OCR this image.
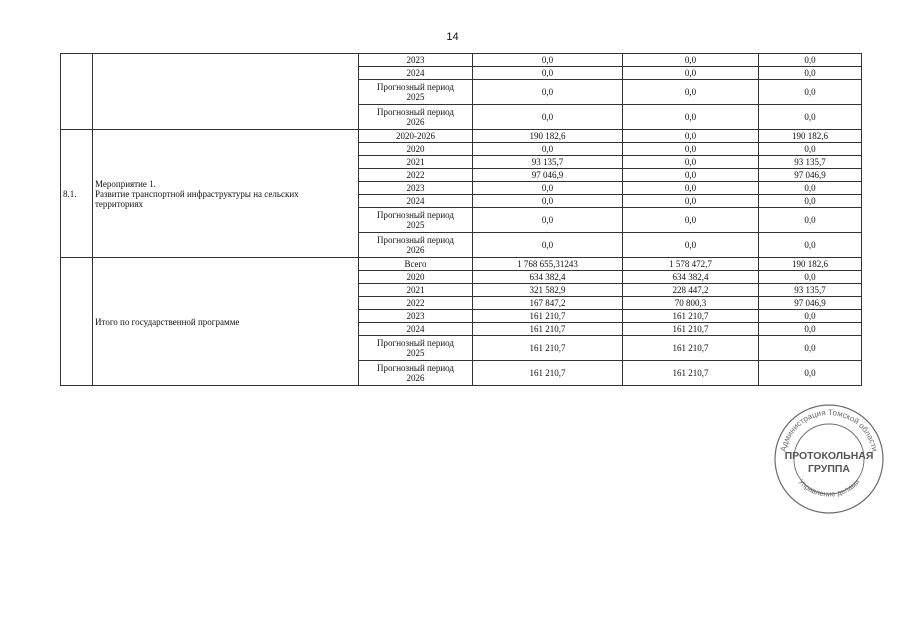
14

		2023	0,0	0,0	0,0

		2024	0,0	0,0	0,0

		Прогнозный период
2025	0,0	0,0	0,0

		Прогнозный период
2026	0,0	0,0	0,0
8.1.	Мероприятие 1.
Развитие транспортной инфраструктуры на сельских
территориях	2020-2026	190 182,6	0,0	190 182,6

		2020	0,0	0,0	0,0

		2021	93 135,7	0,0	93 135,7

		2022	97 046,9	0,0	97 046,9

		2023	0,0	0,0	0,0

		2024	0,0	0,0	0,0

		Прогнозный период
2025	0,0	0,0	0,0

		Прогнозный период
2026	0,0	0,0	0,0

	Итого по государственной программе	Всего	1 768 655,31243	1 578 472,7	190 182,6

		2020	634 382,4	634 382,4	0,0

		2021	321 582,9	228 447,2	93 135,7

		2022	167 847,2	70 800,3	97 046,9

		2023	161 210,7	161 210,7	0,0

		2024	161 210,7	161 210,7	0,0

		Прогнозный период
2025	161 210,7	161 210,7	0,0

		Прогнозный период
2026	161 210,7	161 210,7	0,0
Администрация Томской области
Управление делами
ПРОТОКОЛЬНАЯ
ГРУППА
